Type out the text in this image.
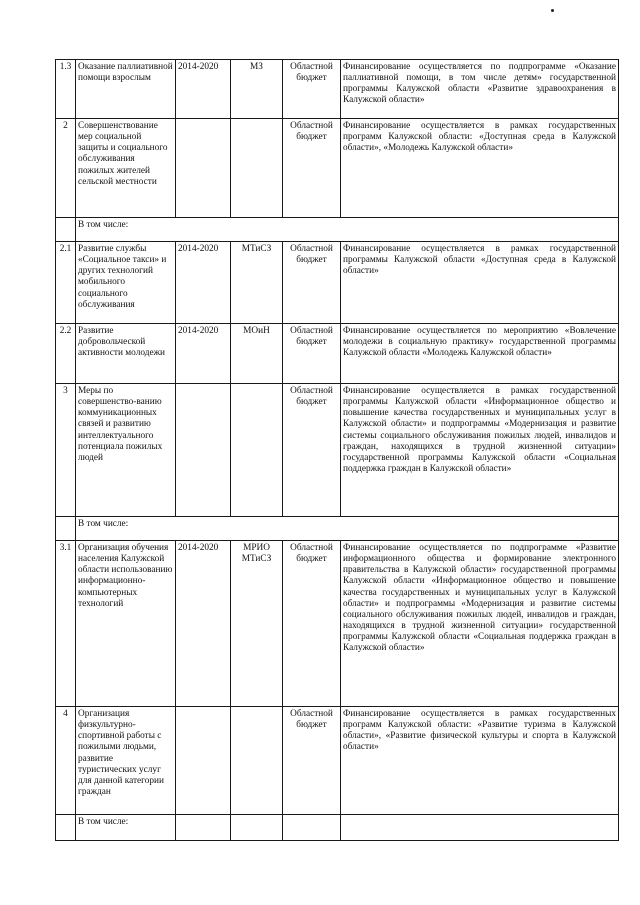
1.3	Оказание паллиативной помощи взрослым	2014-2020	МЗ	Областной бюджет	Финансирование осуществляется по подпрограмме «Оказание паллиативной помощи, в том числе детям» государственной программы Калужской области «Развитие здравоохранения в Калужской области»
2	Совершенствование мер социальной защиты и социального обслуживания пожилых жителей сельской местности			Областной бюджет	Финансирование осуществляется в рамках государственных программ Калужской области: «Доступная среда в Калужской области», «Молодежь Калужской области»
	В том числе:				
2.1	Развитие службы «Социальное такси» и других технологий мобильного социального обслуживания	2014-2020	МТиСЗ	Областной бюджет	Финансирование осуществляется в рамках государственной программы Калужской области «Доступная среда в Калужской области»
2.2	Развитие добровольческой активности молодежи	2014-2020	МОиН	Областной бюджет	Финансирование осуществляется по мероприятию «Вовлечение молодежи в социальную практику» государственной программы Калужской области «Молодежь Калужской области»
3	Меры по совершенство-ванию коммуникационных связей и развитию интеллектуального потенциала пожилых людей			Областной бюджет	Финансирование осуществляется в рамках государственной программы Калужской области «Информационное общество и повышение качества государственных и муниципальных услуг в Калужской области» и подпрограммы «Модернизация и развитие системы социального обслуживания пожилых людей, инвалидов и граждан, находящихся в трудной жизненной ситуации» государственной программы Калужской области «Социальная поддержка граждан в Калужской области»
	В том числе:				
3.1	Организация обучения населения Калужской области использованию информационно-компьютерных технологий	2014-2020	МРИО МТиСЗ	Областной бюджет	Финансирование осуществляется по подпрограмме «Развитие информационного общества и формирование электронного правительства в Калужской области» государственной программы Калужской области «Информационное общество и повышение качества государственных и муниципальных услуг в Калужской области» и подпрограммы «Модернизация и развитие системы социального обслуживания пожилых людей, инвалидов и граждан, находящихся в трудной жизненной ситуации» государственной программы Калужской области «Социальная поддержка граждан в Калужской области»
4	Организация физкультурно-спортивной работы с пожилыми людьми, развитие туристических услуг для данной категории граждан			Областной бюджет	Финансирование осуществляется в рамках государственных программ Калужской области: «Развитие туризма в Калужской области», «Развитие физической культуры и спорта в Калужской области»
	В том числе:				
